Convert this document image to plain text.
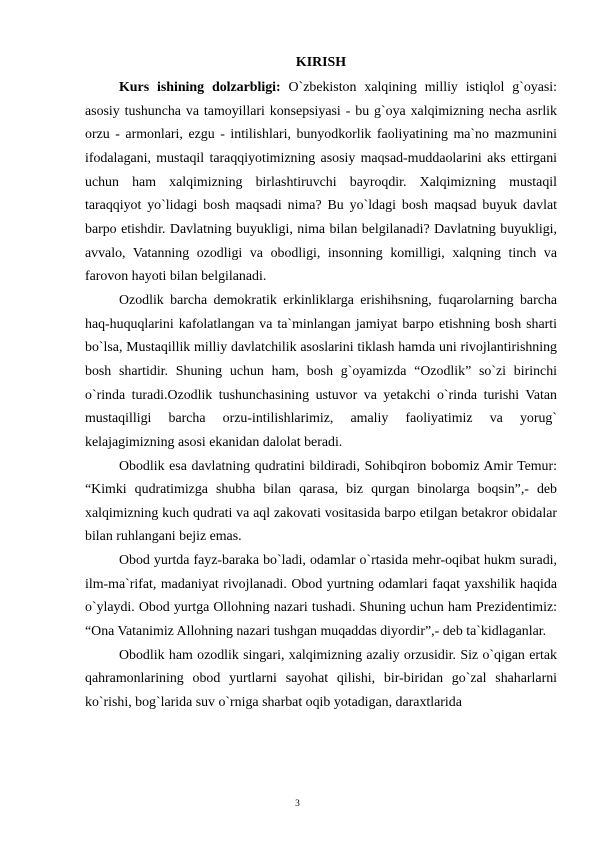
KIRISH

Kurs ishining dolzarbligi: O`zbekiston xalqining milliy istiqlol g`oyasi: asosiy tushuncha va tamoyillari konsepsiyasi - bu g`oya xalqimizning necha asrlik orzu - armonlari, ezgu - intilishlari, bunyodkorlik faoliyatining ma`no mazmunini ifodalagani, mustaqil taraqqiyotimizning asosiy maqsad-muddaolarini aks ettirgani uchun ham xalqimizning birlashtiruvchi bayroqdir. Xalqimizning mustaqil taraqqiyot yo`lidagi bosh maqsadi nima? Bu yo`ldagi bosh maqsad buyuk davlat barpo etishdir. Davlatning buyukligi, nima bilan belgilanadi? Davlatning buyukligi, avvalo, Vatanning ozodligi va obodligi, insonning komilligi, xalqning tinch va farovon hayoti bilan belgilanadi.

Ozodlik barcha demokratik erkinliklarga erishihsning, fuqarolarning barcha haq-huquqlarini kafolatlangan va ta`minlangan jamiyat barpo etishning bosh sharti bo`lsa, Mustaqillik milliy davlatchilik asoslarini tiklash hamda uni rivojlantirishning bosh shartidir. Shuning uchun ham, bosh g`oyamizda “Ozodlik” so`zi birinchi o`rinda turadi.Ozodlik tushunchasining ustuvor va yetakchi o`rinda turishi Vatan mustaqilligi barcha orzu-intilishlarimiz, amaliy faoliyatimiz va yorug` kelajagimizning asosi ekanidan dalolat beradi.

Obodlik esa davlatning qudratini bildiradi, Sohibqiron bobomiz Amir Temur: “Kimki qudratimizga shubha bilan qarasa, biz qurgan binolarga boqsin”,- deb xalqimizning kuch qudrati va aql zakovati vositasida barpo etilgan betakror obidalar bilan ruhlangani bejiz emas.

Obod yurtda fayz-baraka bo`ladi, odamlar o`rtasida mehr-oqibat hukm suradi, ilm-ma`rifat, madaniyat rivojlanadi. Obod yurtning odamlari faqat yaxshilik haqida o`ylaydi. Obod yurtga Ollohning nazari tushadi. Shuning uchun ham Prezidentimiz: “Ona Vatanimiz Allohning nazari tushgan muqaddas diyordir”,- deb ta`kidlaganlar.

Obodlik ham ozodlik singari, xalqimizning azaliy orzusidir. Siz o`qigan ertak qahramonlarining obod yurtlarni sayohat qilishi, bir-biridan go`zal shaharlarni ko`rishi, bog`larida suv o`rniga sharbat oqib yotadigan, daraxtlarida

3
